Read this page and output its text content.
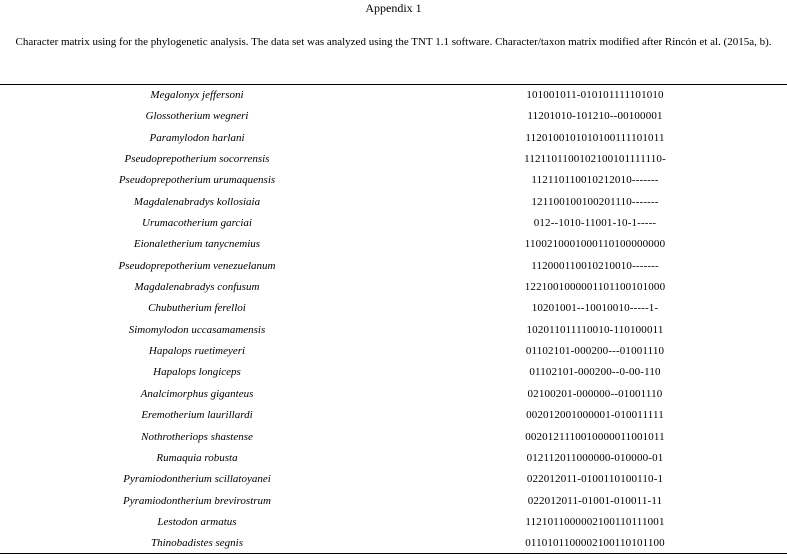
Appendix 1
Character matrix using for the phylogenetic analysis. The data set was analyzed using the TNT 1.1 software. Character/taxon matrix modified after Rincón et al. (2015a, b).
Megalonyx jeffersoni	101001011-010101111101010
Glossotherium wegneri	11201010-101210--00100001
Paramylodon harlani	1120100101010100111101011
Pseudoprepotherium socorrensis	1121101100102100101111110-
Pseudoprepotherium urumaquensis	112110110010212010-------
Magdalenabradys kollosiaia	121100100100201110-------
Urumacotherium garciai	012--1010-11001-10-1-----
Eionaletherium tanycnemius	1100210001000110100000000
Pseudoprepotherium venezuelanum	112000110010210010-------
Magdalenabradys confusum	1221001000001101100101000
Chubutherium ferelloi	10201001--10010010-----1-
Simomylodon uccasamamensis	102011011110010-110100011
Hapalops ruetimeyeri	01102101-000200---01001110
Hapalops longiceps	01102101-000200--0-00-110
Analcimorphus giganteus	02100201-000000--01001110
Eremotherium laurillardi	002012001000001-010011111
Nothrotheriops shastense	0020121110010000011001011
Rumaquia robusta	012112011000000-010000-01
Pyramiodontherium scillatoyanei	022012011-0100110100110-1
Pyramiodontherium brevirostrum	022012011-01001-010011-11
Lestodon armatus	1121011000002100110111001
Thinobadistes segnis	0110101100002100110101100
